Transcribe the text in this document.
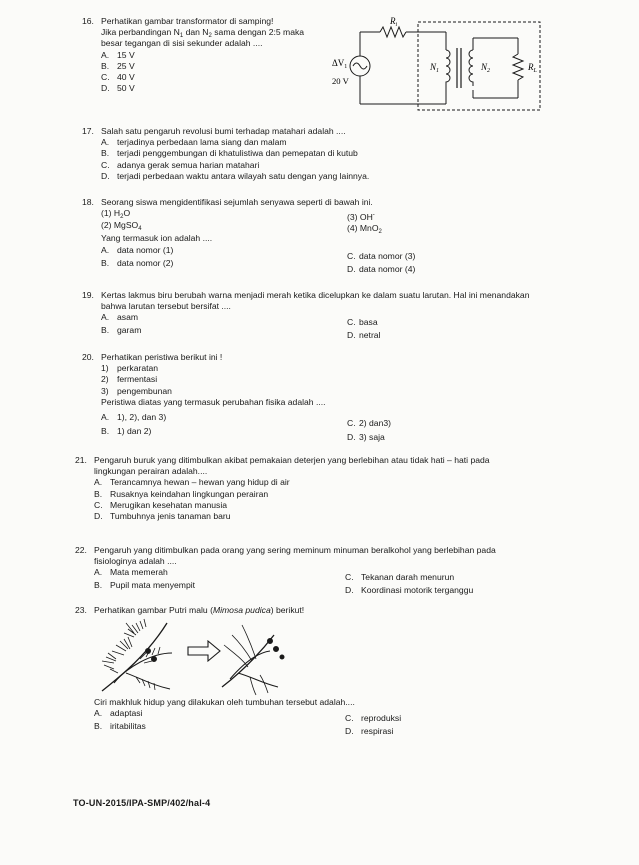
16. Perhatikan gambar transformator di samping!
Jika perbandingan $N_1$ dan $N_2$ sama dengan 2:5 maka
besar tegangan di sisi sekunder adalah ....
A. 15 V
B. 25 V
C. 40 V
D. 50 V
$R_i$
$\Delta V_1$
20 V
$N_1$	$N_2$	$R_L$
17. Salah satu pengaruh revolusi bumi terhadap matahari adalah ....
A. terjadinya perbedaan lama siang dan malam
B. terjadi penggembungan di khatulistiwa dan pemepatan di kutub
C. adanya gerak semua harian matahari
D. terjadi perbedaan waktu antara wilayah satu dengan yang lainnya.
18. Seorang siswa mengidentifikasi sejumlah senyawa seperti di bawah ini.
(1) $H_2O$
(2) MgSO$_4$
(3) OH-
(4) MnO$_2$
Yang termasuk ion adalah ....
A. data nomor (1)
B. data nomor (2)
C. data nomor (3)
D. data nomor (4)
19. Kertas lakmus biru berubah warna menjadi merah ketika dicelupkan ke dalam suatu larutan. Hal ini menandakan
bahwa larutan tersebut bersifat ....
A. asam
B. garam
C. basa
D. netral
20. Perhatikan peristiwa berikut ini !
1) perkaratan
2) fermentasi
3) pengembunan
Peristiwa diatas yang termasuk perubahan fisika adalah ....
A. 1), 2), dan 3)
B. 1) dan 2)
C. 2) dan3)
D. 3) saja
21. Pengaruh buruk yang ditimbulkan akibat pemakaian deterjen yang berlebihan atau tidak hati – hati pada
lingkungan perairan adalah....
A. Terancamnya hewan – hewan yang hidup di air
B. Rusaknya keindahan lingkungan perairan
C. Merugikan kesehatan manusia
D. Tumbuhnya jenis tanaman baru
22. Pengaruh yang ditimbulkan pada orang yang sering meminum minuman beralkohol yang berlebihan pada
fisiologinya adalah ....
A. Mata memerah
B. Pupil mata menyempit
C. Tekanan darah menurun
D. Koordinasi motorik terganggu
23. Perhatikan gambar Putri malu (Mimosa pudica) berikut!
Ciri makhluk hidup yang dilakukan oleh tumbuhan tersebut adalah....
A. adaptasi
B. iritabilitas
C. reproduksi
D. respirasi
TO-UN-2015/IPA-SMP/402/hal-4
